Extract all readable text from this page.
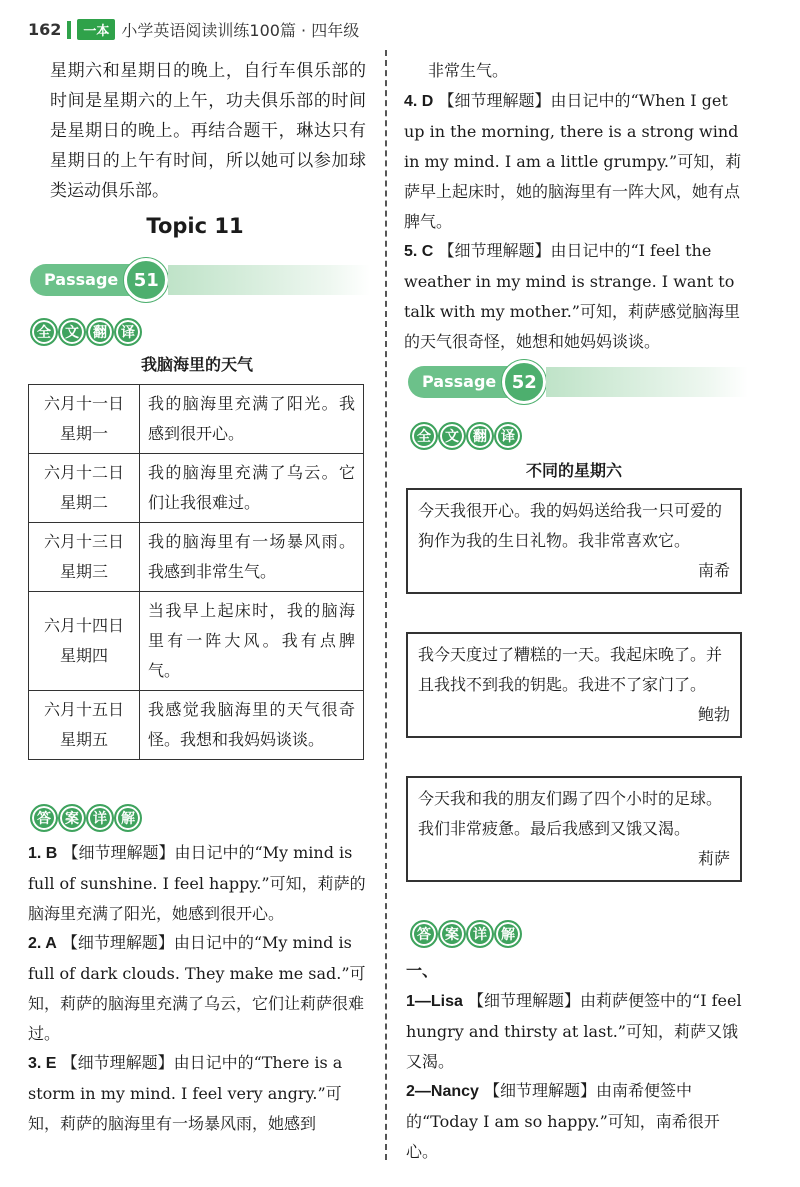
162	一本 小学英语阅读训练100篇 · 四年级

星期六和星期日的晚上，自行车俱乐部的时间是星期六的上午，功夫俱乐部的时间是星期日的晚上。再结合题干，琳达只有星期日的上午有时间，所以她可以参加球类运动俱乐部。

Topic 11
Passage 51
全	文	翻	译
我脑海里的天气
六月十一日
星期一	我的脑海里充满了阳光。我感到很开心。
六月十二日
星期二	我的脑海里充满了乌云。它们让我很难过。
六月十三日
星期三	我的脑海里有一场暴风雨。我感到非常生气。
六月十四日
星期四	当我早上起床时，我的脑海里有一阵大风。我有点脾气。
六月十五日
星期五	我感觉我脑海里的天气很奇怪。我想和我妈妈谈谈。
答	案	详	解

1. B 【细节理解题】由日记中的“My mind is full of sunshine. I feel happy.”可知，莉萨的脑海里充满了阳光，她感到很开心。

2. A 【细节理解题】由日记中的“My mind is full of dark clouds. They make me sad.”可知，莉萨的脑海里充满了乌云，它们让莉萨很难过。

3. E 【细节理解题】由日记中的“There is a storm in my mind. I feel very angry.”可知，莉萨的脑海里有一场暴风雨，她感到

非常生气。

4. D 【细节理解题】由日记中的“When I get up in the morning, there is a strong wind in my mind. I am a little grumpy.”可知，莉萨早上起床时，她的脑海里有一阵大风，她有点脾气。

5. C 【细节理解题】由日记中的“I feel the weather in my mind is strange. I want to talk with my mother.”可知，莉萨感觉脑海里的天气很奇怪，她想和她妈妈谈谈。

Passage 52
全	文	翻	译
不同的星期六
今天我很开心。我的妈妈送给我一只可爱的狗作为我的生日礼物。我非常喜欢它。
南希
我今天度过了糟糕的一天。我起床晚了。并且我找不到我的钥匙。我进不了家门了。
鲍勃
今天我和我的朋友们踢了四个小时的足球。我们非常疲惫。最后我感到又饿又渴。
莉萨
答	案	详	解
一、

1—Lisa 【细节理解题】由莉萨便签中的“I feel hungry and thirsty at last.”可知，莉萨又饿又渴。

2—Nancy 【细节理解题】由南希便签中的“Today I am so happy.”可知，南希很开心。
